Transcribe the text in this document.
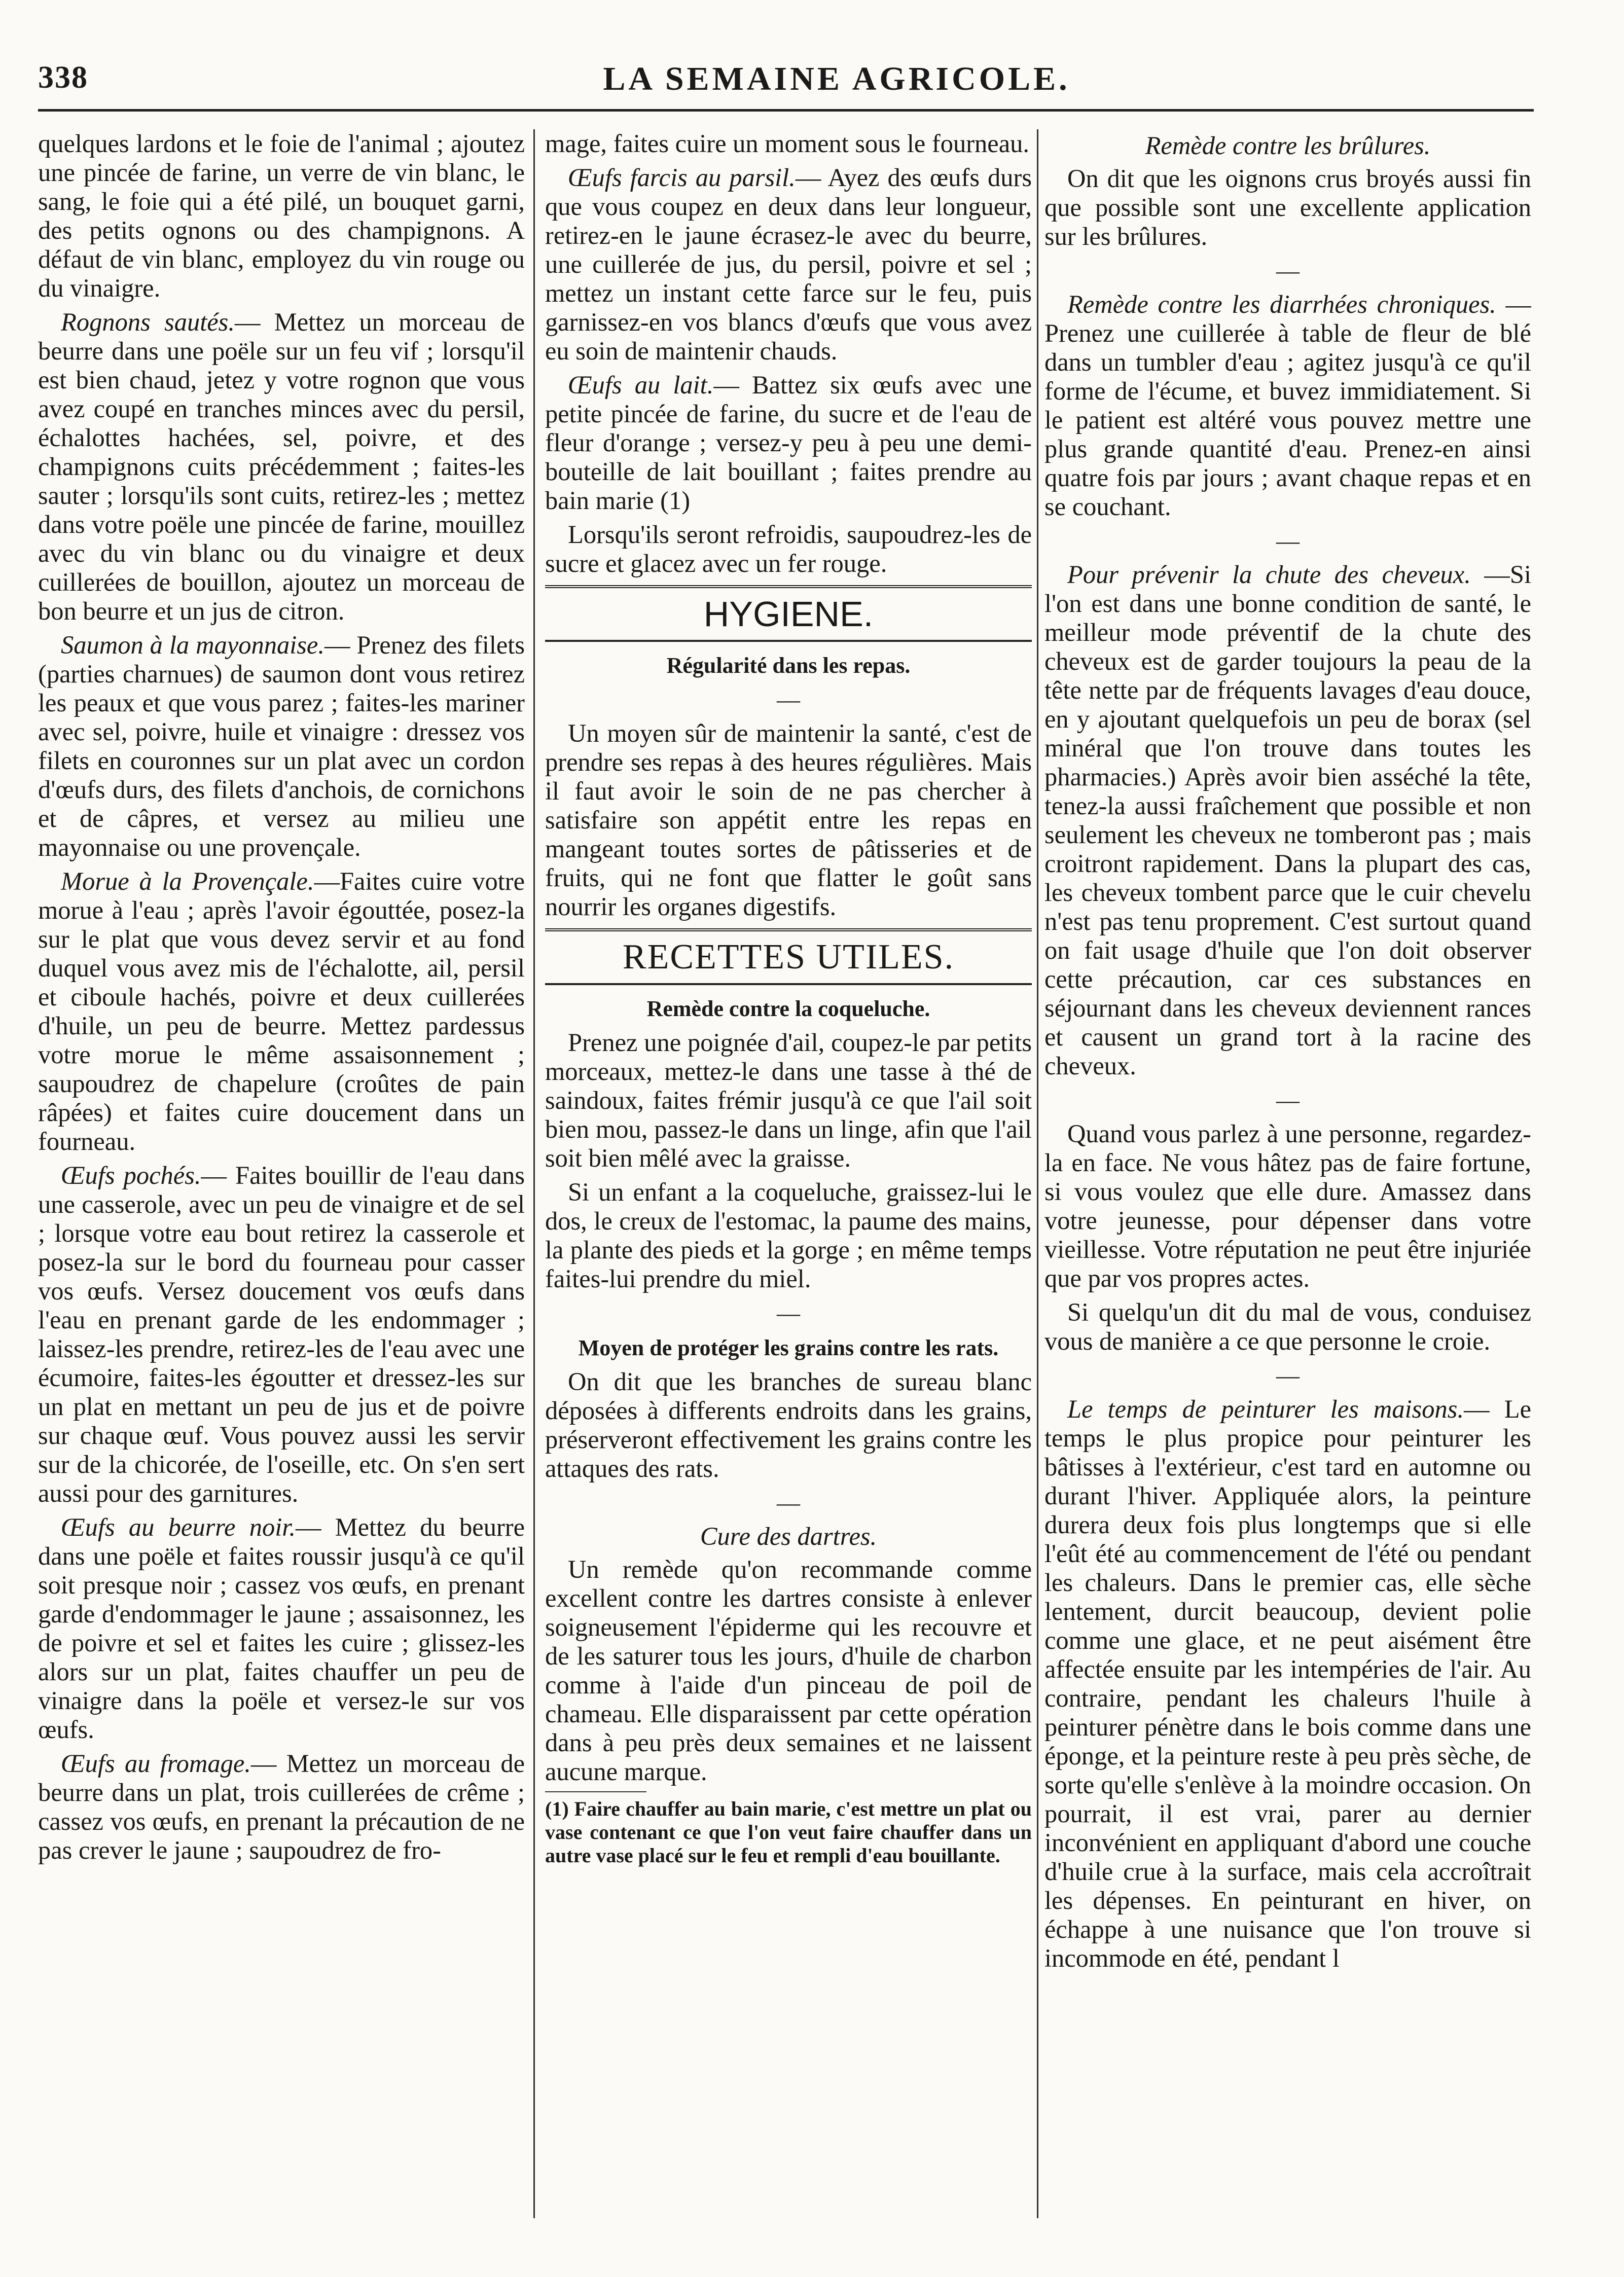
338	LA SEMAINE AGRICOLE.

quelques lardons et le foie de l'animal ; ajoutez une pincée de farine, un verre de vin blanc, le sang, le foie qui a été pilé, un bouquet garni, des petits ognons ou des champignons. A défaut de vin blanc, employez du vin rouge ou du vinaigre.

Rognons sautés.— Mettez un morceau de beurre dans une poële sur un feu vif ; lorsqu'il est bien chaud, jetez y votre rognon que vous avez coupé en tranches minces avec du persil, échalottes hachées, sel, poivre, et des champignons cuits précédemment ; faites-les sauter ; lorsqu'ils sont cuits, retirez-les ; mettez dans votre poële une pincée de farine, mouillez avec du vin blanc ou du vinaigre et deux cuillerées de bouillon, ajoutez un morceau de bon beurre et un jus de citron.

Saumon à la mayonnaise.— Prenez des filets (parties charnues) de saumon dont vous retirez les peaux et que vous parez ; faites-les mariner avec sel, poivre, huile et vinaigre : dressez vos filets en couronnes sur un plat avec un cordon d'œufs durs, des filets d'anchois, de cornichons et de câpres, et versez au milieu une mayonnaise ou une provençale.

Morue à la Provençale.—Faites cuire votre morue à l'eau ; après l'avoir égouttée, posez-la sur le plat que vous devez servir et au fond duquel vous avez mis de l'échalotte, ail, persil et ciboule hachés, poivre et deux cuillerées d'huile, un peu de beurre. Mettez pardessus votre morue le même assaisonnement ; saupoudrez de chapelure (croûtes de pain râpées) et faites cuire doucement dans un fourneau.

Œufs pochés.— Faites bouillir de l'eau dans une casserole, avec un peu de vinaigre et de sel ; lorsque votre eau bout retirez la casserole et posez-la sur le bord du fourneau pour casser vos œufs. Versez doucement vos œufs dans l'eau en prenant garde de les endommager ; laissez-les prendre, retirez-les de l'eau avec une écumoire, faites-les égoutter et dressez-les sur un plat en mettant un peu de jus et de poivre sur chaque œuf. Vous pouvez aussi les servir sur de la chicorée, de l'oseille, etc. On s'en sert aussi pour des garnitures.

Œufs au beurre noir.— Mettez du beurre dans une poële et faites roussir jusqu'à ce qu'il soit presque noir ; cassez vos œufs, en prenant garde d'endommager le jaune ; assaisonnez, les de poivre et sel et faites les cuire ; glissez-les alors sur un plat, faites chauffer un peu de vinaigre dans la poële et versez-le sur vos œufs.

Œufs au fromage.— Mettez un morceau de beurre dans un plat, trois cuillerées de crême ; cassez vos œufs, en prenant la précaution de ne pas crever le jaune ; saupoudrez de fro-

mage, faites cuire un moment sous le fourneau.

Œufs farcis au parsil.— Ayez des œufs durs que vous coupez en deux dans leur longueur, retirez-en le jaune écrasez-le avec du beurre, une cuillerée de jus, du persil, poivre et sel ; mettez un instant cette farce sur le feu, puis garnissez-en vos blancs d'œufs que vous avez eu soin de maintenir chauds.

Œufs au lait.— Battez six œufs avec une petite pincée de farine, du sucre et de l'eau de fleur d'orange ; versez-y peu à peu une demi-bouteille de lait bouillant ; faites prendre au bain marie (1)

Lorsqu'ils seront refroidis, saupoudrez-les de sucre et glacez avec un fer rouge.

HYGIENE.
Régularité dans les repas.
—

Un moyen sûr de maintenir la santé, c'est de prendre ses repas à des heures régulières. Mais il faut avoir le soin de ne pas chercher à satisfaire son appétit entre les repas en mangeant toutes sortes de pâtisseries et de fruits, qui ne font que flatter le goût sans nourrir les organes digestifs.

RECETTES UTILES.
Remède contre la coqueluche.

Prenez une poignée d'ail, coupez-le par petits morceaux, mettez-le dans une tasse à thé de saindoux, faites frémir jusqu'à ce que l'ail soit bien mou, passez-le dans un linge, afin que l'ail soit bien mêlé avec la graisse.

Si un enfant a la coqueluche, graissez-lui le dos, le creux de l'estomac, la paume des mains, la plante des pieds et la gorge ; en même temps faites-lui prendre du miel.

—
Moyen de protéger les grains contre les rats.

On dit que les branches de sureau blanc déposées à differents endroits dans les grains, préserveront effectivement les grains contre les attaques des rats.

—
Cure des dartres.

Un remède qu'on recommande comme excellent contre les dartres consiste à enlever soigneusement l'épiderme qui les recouvre et de les saturer tous les jours, d'huile de charbon comme à l'aide d'un pinceau de poil de chameau. Elle disparaissent par cette opération dans à peu près deux semaines et ne laissent aucune marque.

(1) Faire chauffer au bain marie, c'est mettre un plat ou vase contenant ce que l'on veut faire chauffer dans un autre vase placé sur le feu et rempli d'eau bouillante.

Remède contre les brûlures.

On dit que les oignons crus broyés aussi fin que possible sont une excellente application sur les brûlures.

—

Remède contre les diarrhées chroniques. —Prenez une cuillerée à table de fleur de blé dans un tumbler d'eau ; agitez jusqu'à ce qu'il forme de l'écume, et buvez immidiatement. Si le patient est altéré vous pouvez mettre une plus grande quantité d'eau. Prenez-en ainsi quatre fois par jours ; avant chaque repas et en se couchant.

—

Pour prévenir la chute des cheveux. —Si l'on est dans une bonne condition de santé, le meilleur mode préventif de la chute des cheveux est de garder toujours la peau de la tête nette par de fréquents lavages d'eau douce, en y ajoutant quelquefois un peu de borax (sel minéral que l'on trouve dans toutes les pharmacies.) Après avoir bien asséché la tête, tenez-la aussi fraîchement que possible et non seulement les cheveux ne tomberont pas ; mais croitront rapidement. Dans la plupart des cas, les cheveux tombent parce que le cuir chevelu n'est pas tenu proprement. C'est surtout quand on fait usage d'huile que l'on doit observer cette précaution, car ces substances en séjournant dans les cheveux deviennent rances et causent un grand tort à la racine des cheveux.

—

Quand vous parlez à une personne, regardez-la en face. Ne vous hâtez pas de faire fortune, si vous voulez que elle dure. Amassez dans votre jeunesse, pour dépenser dans votre vieillesse. Votre réputation ne peut être injuriée que par vos propres actes.

Si quelqu'un dit du mal de vous, conduisez vous de manière a ce que personne le croie.

—

Le temps de peinturer les maisons.— Le temps le plus propice pour peinturer les bâtisses à l'extérieur, c'est tard en automne ou durant l'hiver. Appliquée alors, la peinture durera deux fois plus longtemps que si elle l'eût été au commencement de l'été ou pendant les chaleurs. Dans le premier cas, elle sèche lentement, durcit beaucoup, devient polie comme une glace, et ne peut aisément être affectée ensuite par les intempéries de l'air. Au contraire, pendant les chaleurs l'huile à peinturer pénètre dans le bois comme dans une éponge, et la peinture reste à peu près sèche, de sorte qu'elle s'enlève à la moindre occasion. On pourrait, il est vrai, parer au dernier inconvénient en appliquant d'abord une couche d'huile crue à la surface, mais cela accroîtrait les dépenses. En peinturant en hiver, on échappe à une nuisance que l'on trouve si incommode en été, pendant l
